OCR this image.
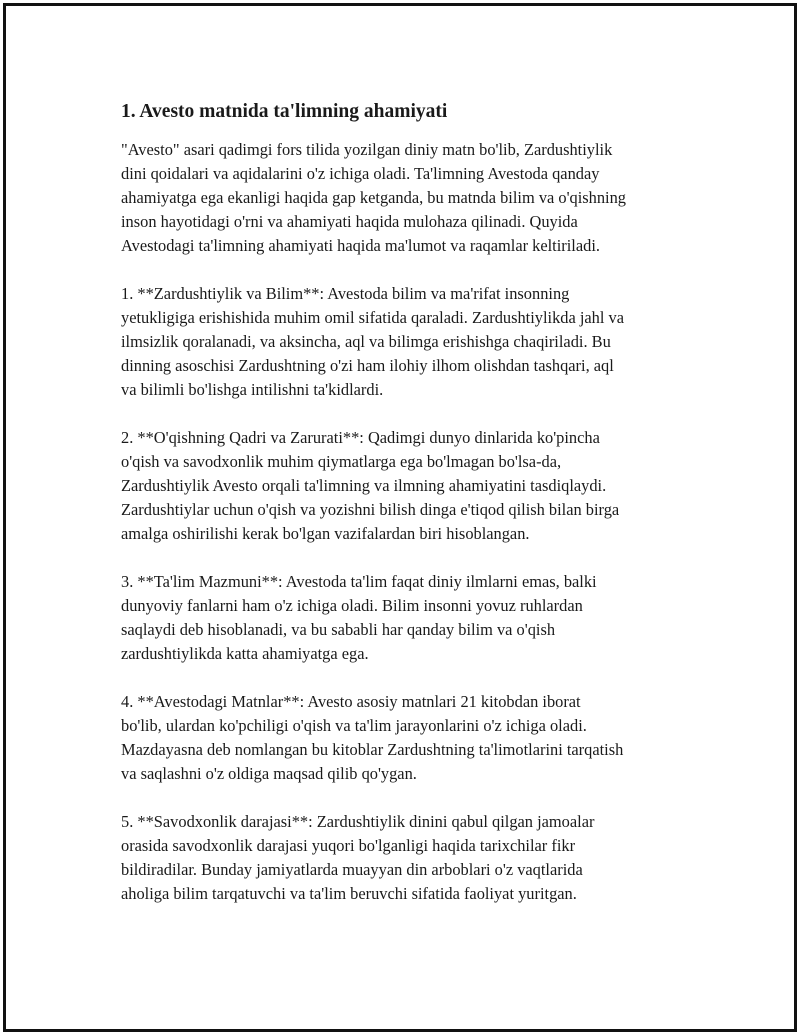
1. Avesto matnida ta'limning ahamiyati

"Avesto" asari qadimgi fors tilida yozilgan diniy matn bo'lib, Zardushtiylik
dini qoidalari va aqidalarini o'z ichiga oladi. Ta'limning Avestoda qanday
ahamiyatga ega ekanligi haqida gap ketganda, bu matnda bilim va o'qishning
inson hayotidagi o'rni va ahamiyati haqida mulohaza qilinadi. Quyida
Avestodagi ta'limning ahamiyati haqida ma'lumot va raqamlar keltiriladi.

1. **Zardushtiylik va Bilim**: Avestoda bilim va ma'rifat insonning
yetukligiga erishishida muhim omil sifatida qaraladi. Zardushtiylikda jahl va
ilmsizlik qoralanadi, va aksincha, aql va bilimga erishishga chaqiriladi. Bu
dinning asoschisi Zardushtning o'zi ham ilohiy ilhom olishdan tashqari, aql
va bilimli bo'lishga intilishni ta'kidlardi.

2. **O'qishning Qadri va Zarurati**: Qadimgi dunyo dinlarida ko'pincha
o'qish va savodxonlik muhim qiymatlarga ega bo'lmagan bo'lsa-da,
Zardushtiylik Avesto orqali ta'limning va ilmning ahamiyatini tasdiqlaydi.
Zardushtiylar uchun o'qish va yozishni bilish dinga e'tiqod qilish bilan birga
amalga oshirilishi kerak bo'lgan vazifalardan biri hisoblangan.

3. **Ta'lim Mazmuni**: Avestoda ta'lim faqat diniy ilmlarni emas, balki
dunyoviy fanlarni ham o'z ichiga oladi. Bilim insonni yovuz ruhlardan
saqlaydi deb hisoblanadi, va bu sababli har qanday bilim va o'qish
zardushtiylikda katta ahamiyatga ega.

4. **Avestodagi Matnlar**: Avesto asosiy matnlari 21 kitobdan iborat
bo'lib, ulardan ko'pchiligi o'qish va ta'lim jarayonlarini o'z ichiga oladi.
Mazdayasna deb nomlangan bu kitoblar Zardushtning ta'limotlarini tarqatish
va saqlashni o'z oldiga maqsad qilib qo'ygan.

5. **Savodxonlik darajasi**: Zardushtiylik dinini qabul qilgan jamoalar
orasida savodxonlik darajasi yuqori bo'lganligi haqida tarixchilar fikr
bildiradilar. Bunday jamiyatlarda muayyan din arboblari o'z vaqtlarida
aholiga bilim tarqatuvchi va ta'lim beruvchi sifatida faoliyat yuritgan.
